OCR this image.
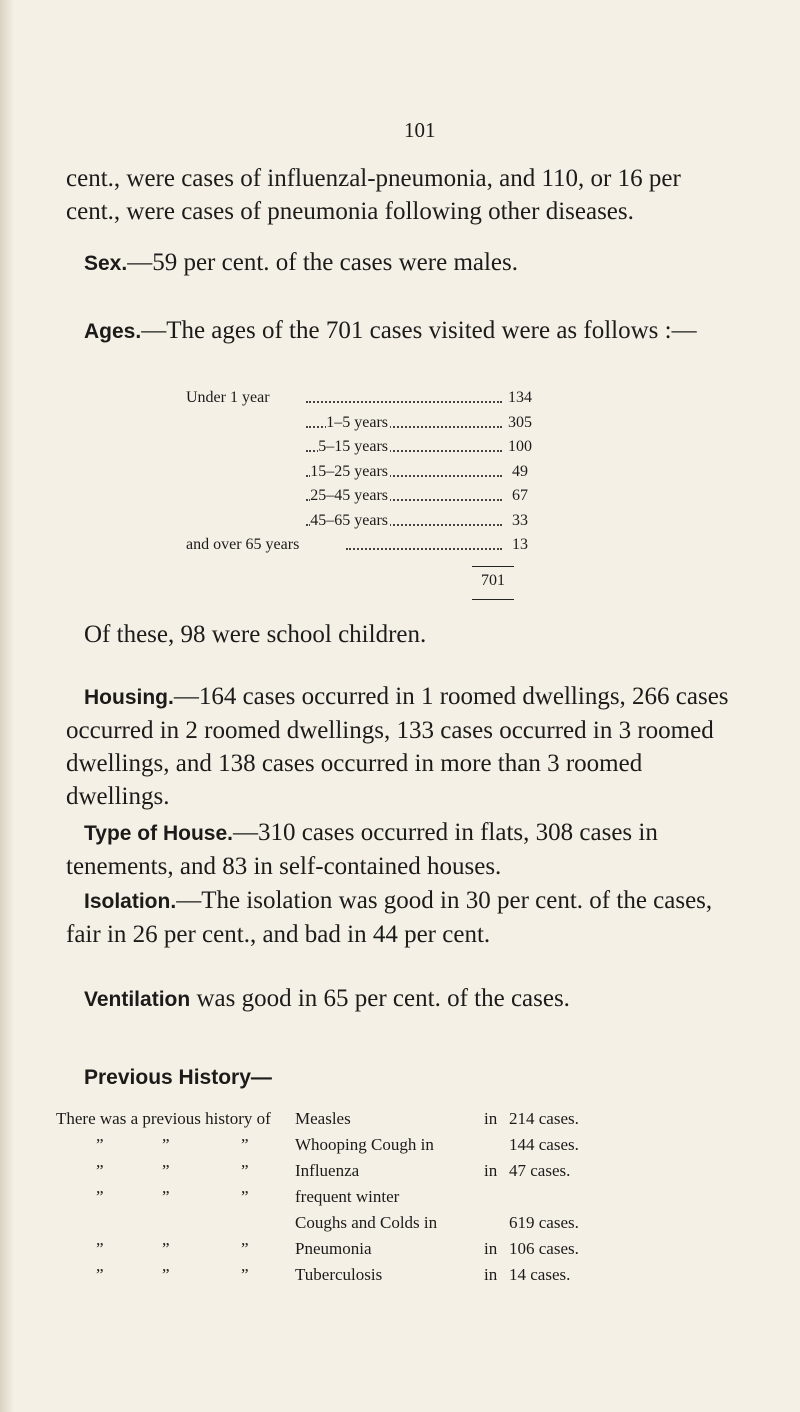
101

cent., were cases of influenzal-pneumonia, and 110, or 16 per cent., were cases of pneumonia following other diseases.

Sex.—59 per cent. of the cases were males.

Ages.—The ages of the 701 cases visited were as follows :—

Under 1 year	134
1–5 years	305
5–15 years	100
15–25 years	49
25–45 years	67
45–65 years	33
and over 65 years	13
701

Of these, 98 were school children.

Housing.—164 cases occurred in 1 roomed dwellings, 266 cases occurred in 2 roomed dwellings, 133 cases occurred in 3 roomed dwellings, and 138 cases occurred in more than 3 roomed dwellings.

Type of House.—310 cases occurred in flats, 308 cases in tenements, and 83 in self-contained houses.

Isolation.—The isolation was good in 30 per cent. of the cases, fair in 26 per cent., and bad in 44 per cent.

Ventilation was good in 65 per cent. of the cases.

Previous History—

There was a previous history of Measles	in 214 cases.
”	”	”	Whooping Cough in	144 cases.
”	”	”	Influenza	in 47 cases.
”	”	”	frequent winter
Coughs and Colds in	619 cases.
”	”	”	Pneumonia	in 106 cases.
”	”	”	Tuberculosis	in 14 cases.
